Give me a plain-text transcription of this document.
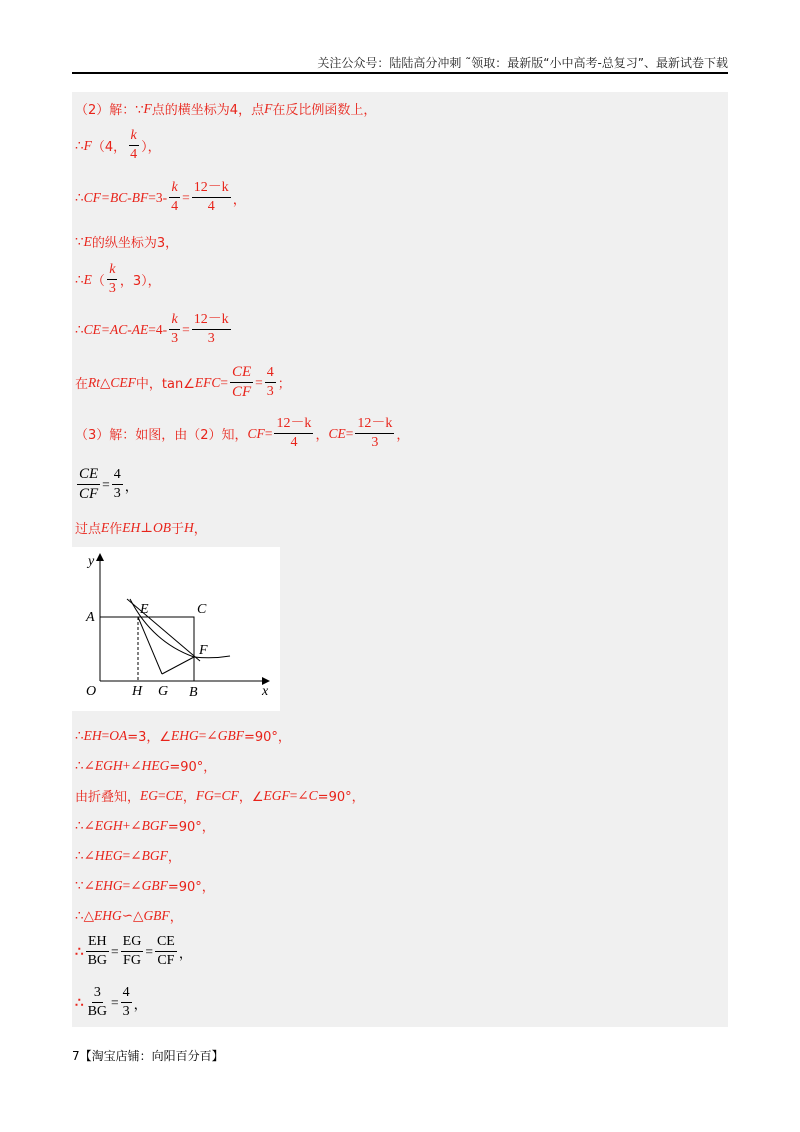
关注公众号：陆陆高分冲刺 ˜领取：最新版“小中高考-总复习”、最新试卷下载
（2）解：∵ F 点的横坐标为4，点 F 在反比例函数上，
∴ F （4， $\frac{k}{4}$ ），
∴ $CF=BC-BF =3- \frac{k}{4} = \frac{12-k}{4}$ ，
∵ E 的纵坐标为3，
∴ E （ $\frac{k}{3}$ ，3），
∴ $CE=AC-AE =4- \frac{k}{3} = \frac{12-k}{3}$
在 Rt △ CEF 中，tan∠ EFC = $\frac{CE}{CF} = \frac{4}{3}$ ；
（3）解：如图，由（2）知， CF = $\frac{12-k}{4}$ ， CE = $\frac{12-k}{3}$ ，
$\frac{CE}{CF} = \frac{4}{3}$ ，
过点 E 作 EH ⊥ OB 于 H ，
y
x
O
A
E	C
F
H G B
∴ EH = OA =3，∠ EHG =∠ GBF =90°，
∴∠ EGH +∠ HEG =90°，
由折叠知， EG = CE ， FG = CF ，∠ EGF =∠ C =90°，
∴∠ EGH +∠ BGF =90°，
∴∠ HEG =∠ BGF ，
∵∠ EHG =∠ GBF =90°，
∴△ EHG ∽△ GBF ，
∴ $\frac{EH}{BG} = \frac{EG}{FG} = \frac{CE}{CF}$ ，
∴ $\frac{3}{BG} = \frac{4}{3}$ ，
7【淘宝店铺：向阳百分百】
